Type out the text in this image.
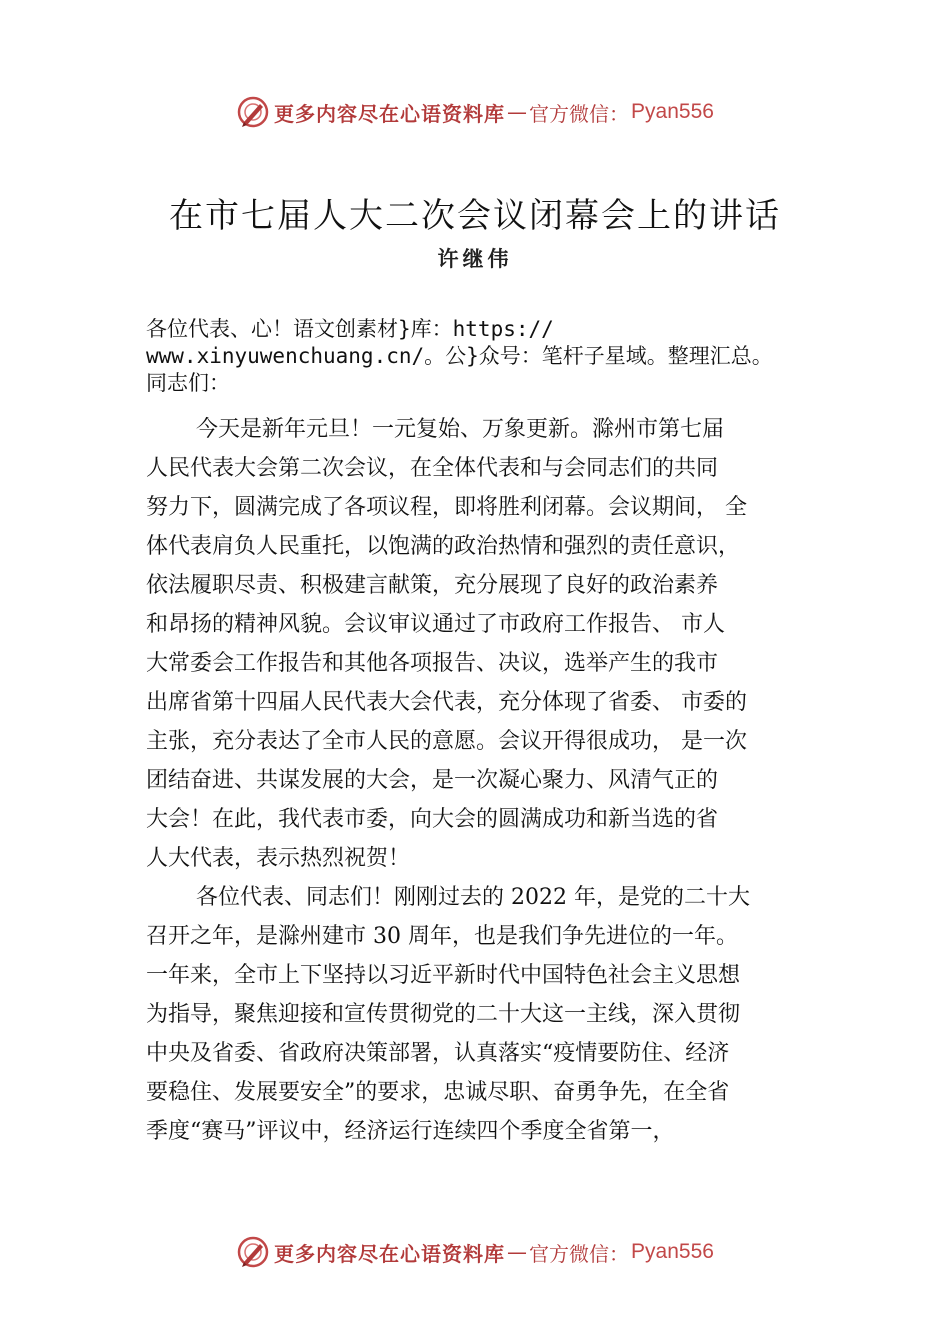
更多内容尽在心语资料库 — 官方微信： Pyan556
在市七届人大二次会议闭幕会上的讲话
许继伟
各位代表、心！语文创素材}库：https://
www.xinyuwenchuang.cn/。公}众号：笔杆子星域。整理汇总。
同志们：
今天是新年元旦！一元复始、万象更新。滁州市第七届
人民代表大会第二次会议，在全体代表和与会同志们的共同
努力下，圆满完成了各项议程，即将胜利闭幕。会议期间， 全
体代表肩负人民重托，以饱满的政治热情和强烈的责任意识，
依法履职尽责、积极建言献策，充分展现了良好的政治素养
和昂扬的精神风貌。会议审议通过了市政府工作报告、 市人
大常委会工作报告和其他各项报告、决议，选举产生的我市
出席省第十四届人民代表大会代表，充分体现了省委、 市委的
主张，充分表达了全市人民的意愿。会议开得很成功， 是一次
团结奋进、共谋发展的大会，是一次凝心聚力、风清气正的
大会！在此，我代表市委，向大会的圆满成功和新当选的省
人大代表，表示热烈祝贺！
各位代表、同志们！刚刚过去的 2022 年，是党的二十大
召开之年，是滁州建市 30 周年，也是我们争先进位的一年。
一年来，全市上下坚持以习近平新时代中国特色社会主义思想
为指导，聚焦迎接和宣传贯彻党的二十大这一主线，深入贯彻
中央及省委、省政府决策部署，认真落实“疫情要防住、经济
要稳住、发展要安全”的要求，忠诚尽职、奋勇争先，在全省
季度“赛马”评议中，经济运行连续四个季度全省第一，
更多内容尽在心语资料库 — 官方微信： Pyan556
